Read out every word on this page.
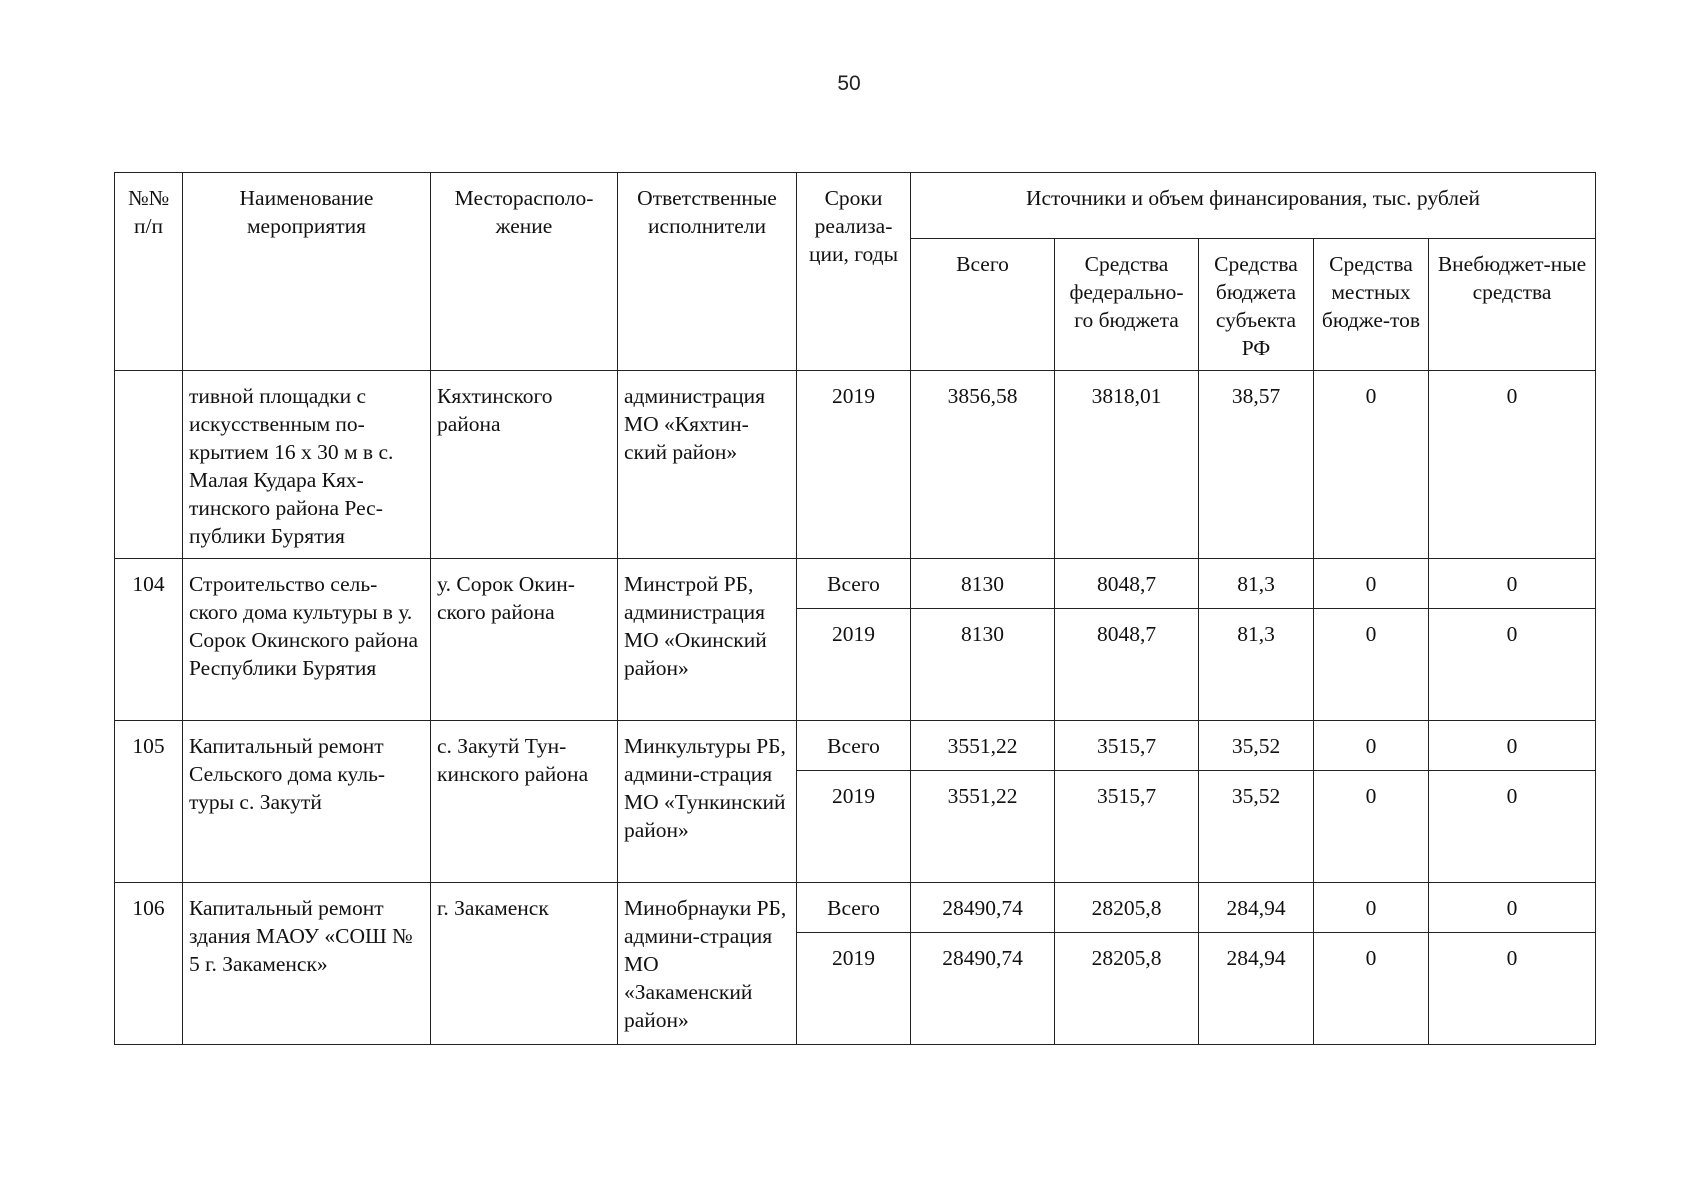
50
№№ п/п	Наименование мероприятия	Месторасполо-жение	Ответственные исполнители	Сроки реализа-ции, годы	Источники и объем финансирования, тыс. рублей				
					Всего	Средства федерально-го бюджета	Средства бюджета субъекта РФ	Средства местных бюдже-тов	Внебюджет-ные средства
	тивной площадки с искусственным по-крытием 16 х 30 м в с. Малая Кудара Кях-тинского района Рес-публики Бурятия	Кяхтинского района	администрация МО «Кяхтин-ский район»	2019	3856,58	3818,01	38,57	0	0
104	Строительство сель-ского дома культуры в у. Сорок Окинского района Республики Бурятия	у. Сорок Окин-ского района	Минстрой РБ, администрация МО «Окинский район»	Всего	8130	8048,7	81,3	0	0
				2019	8130	8048,7	81,3	0	0
105	Капитальный ремонт Сельского дома куль-туры с. Закутй	с. Закутй Тун-кинского района	Минкультуры РБ, админи-страция МО «Тункинский район»	Всего	3551,22	3515,7	35,52	0	0
				2019	3551,22	3515,7	35,52	0	0
106	Капитальный ремонт здания МАОУ «СОШ № 5 г. Закаменск»	г. Закаменск	Минобрнауки РБ, админи-страция МО «Закаменский район»	Всего	28490,74	28205,8	284,94	0	0
				2019	28490,74	28205,8	284,94	0	0
